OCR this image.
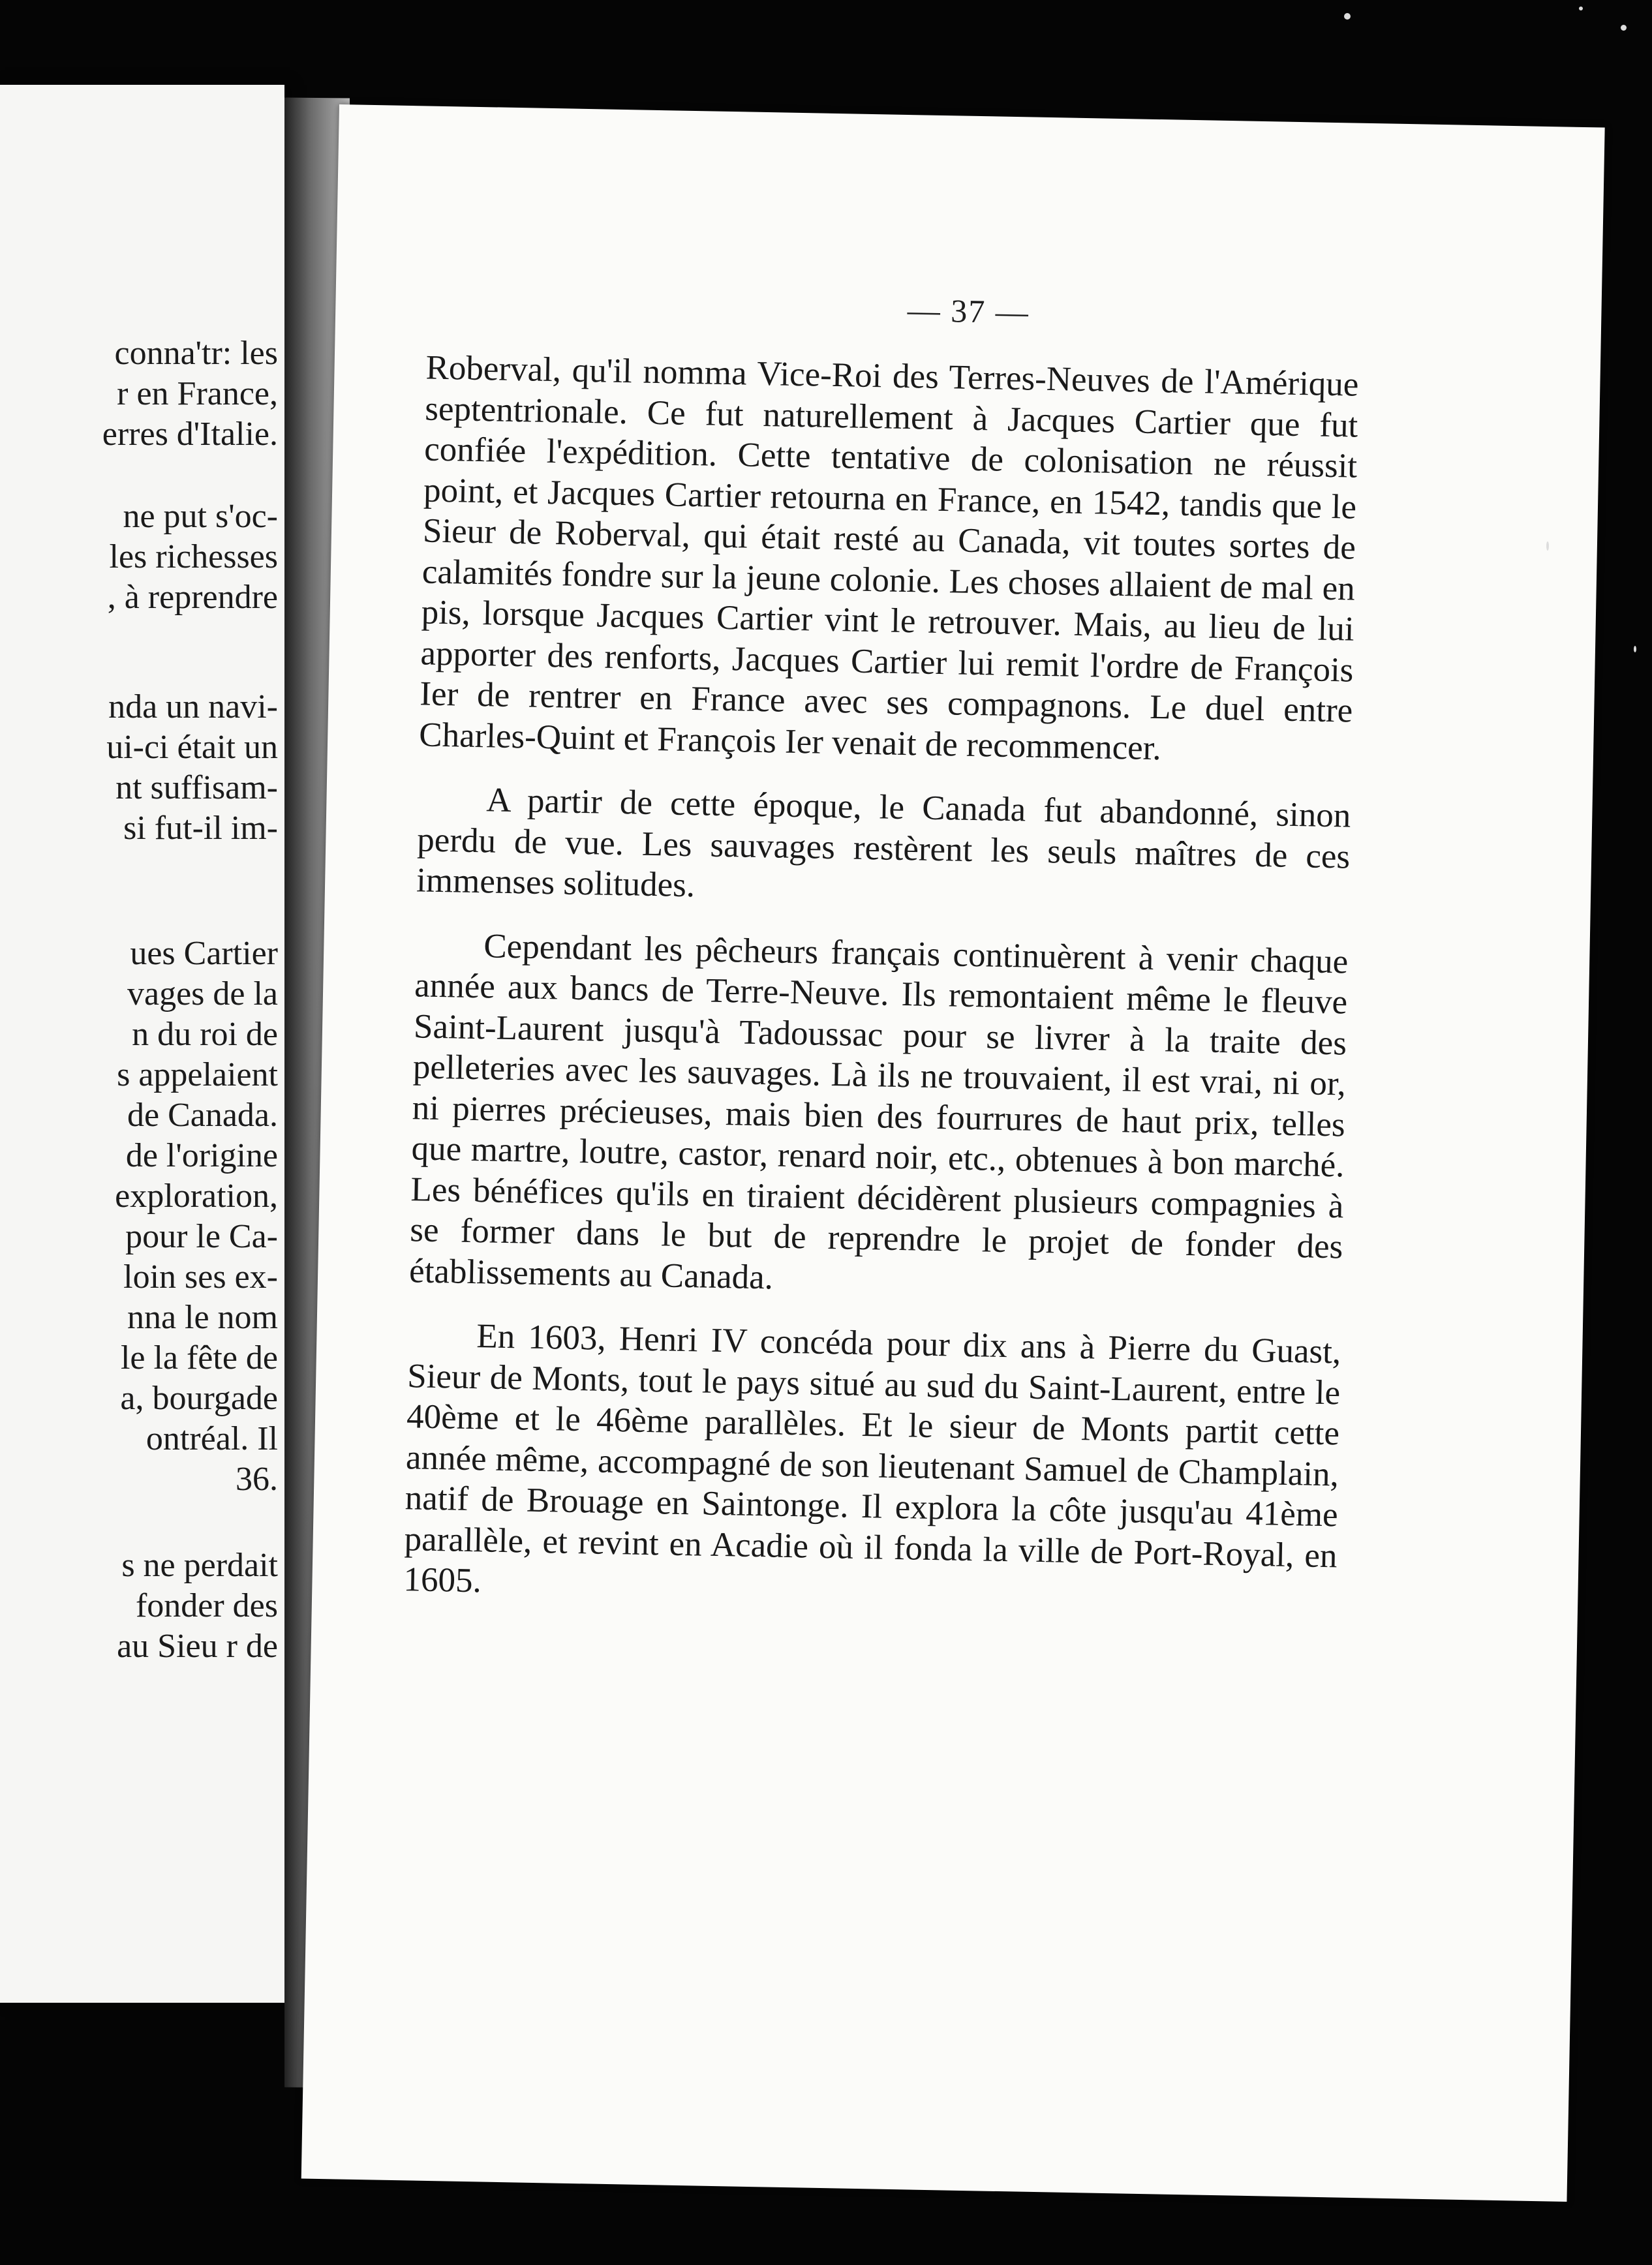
conna'tr: les
r en France,
erres d'Italie.
ne put s'oc-
les richesses
, à reprendre
nda un navi-
ui-ci était un
nt suffisam-
si fut-il im-
ues Cartier
vages de la
n du roi de
s appelaient
de Canada.
de l'origine
exploration,
pour le Ca-
loin ses ex-
nna le nom
le la fête de
a, bourgade
ontréal. Il
36.
s ne perdait
fonder des
au Sieu r de
— 37 —

Roberval, qu'il nomma Vice-Roi des Terres-Neuves de l'Amérique septentrionale. Ce fut naturellement à Jacques Cartier que fut confiée l'expédition. Cette tentative de colonisation ne réussit point, et Jacques Cartier retourna en France, en 1542, tandis que le Sieur de Roberval, qui était resté au Canada, vit toutes sortes de calamités fondre sur la jeune colonie. Les choses allaient de mal en pis, lorsque Jacques Cartier vint le retrouver. Mais, au lieu de lui apporter des renforts, Jacques Cartier lui remit l'ordre de François Ier de rentrer en France avec ses compagnons. Le duel entre Charles-Quint et François Ier venait de recommencer.

A partir de cette époque, le Canada fut abandonné, sinon perdu de vue. Les sauvages restèrent les seuls maîtres de ces immenses solitudes.

Cependant les pêcheurs français continuèrent à venir chaque année aux bancs de Terre-Neuve. Ils remontaient même le fleuve Saint-Laurent jusqu'à Tadoussac pour se livrer à la traite des pelleteries avec les sauvages. Là ils ne trouvaient, il est vrai, ni or, ni pierres précieuses, mais bien des fourrures de haut prix, telles que martre, loutre, castor, renard noir, etc., obtenues à bon marché. Les bénéfices qu'ils en tiraient décidèrent plusieurs compagnies à se former dans le but de reprendre le projet de fonder des établissements au Canada.

En 1603, Henri IV concéda pour dix ans à Pierre du Guast, Sieur de Monts, tout le pays situé au sud du Saint-Laurent, entre le 40ème et le 46ème parallèles. Et le sieur de Monts partit cette année même, accompagné de son lieutenant Samuel de Champlain, natif de Brouage en Saintonge. Il explora la côte jusqu'au 41ème parallèle, et revint en Acadie où il fonda la ville de Port-Royal, en 1605.
